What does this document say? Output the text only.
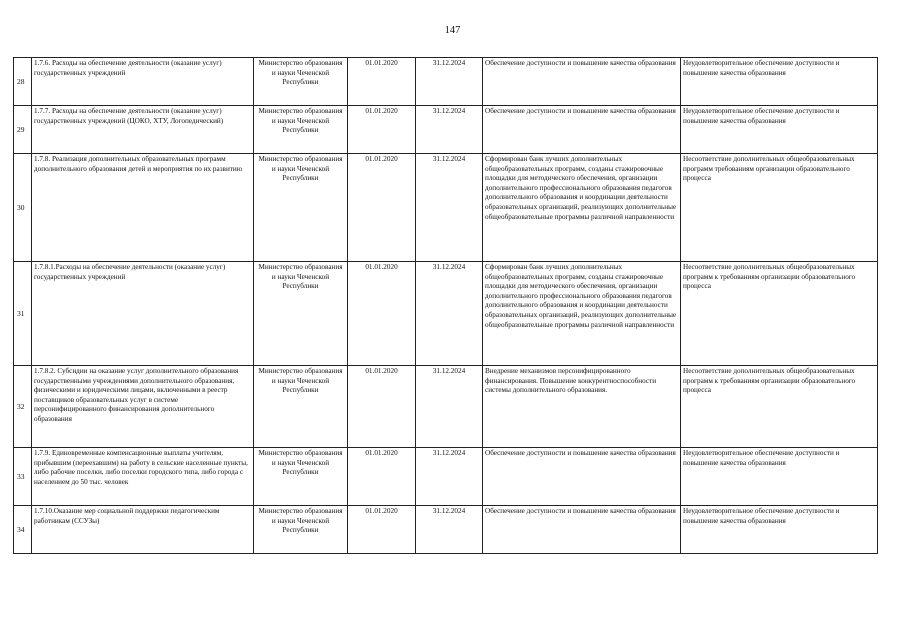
147
28	1.7.6. Расходы на обеспечение деятельности (оказание услуг) государственных учреждений	Министерство образования и науки Чеченской Республики	01.01.2020	31.12.2024	Обеспечение доступности и повышение качества образования	Неудовлетворительное обеспечение доступности и повышение качества образования
29	1.7.7. Расходы на обеспечение деятельности (оказание услуг) государственных учреждений (ЦОКО, ХТУ, Логопедический)	Министерство образования и науки Чеченской Республики	01.01.2020	31.12.2024	Обеспечение доступности и повышение качества образования	Неудовлетворительное обеспечение доступности и повышение качества образования
30	1.7.8. Реализация дополнительных образовательных программ дополнительного образования детей и мероприятия по их развитию	Министерство образования и науки Чеченской Республики	01.01.2020	31.12.2024	Сформирован банк лучших дополнительных общеобразовательных программ, созданы стажировочные площадки для методического обеспечения, организации дополнительного профессионального образования педагогов дополнительного образования и координации деятельности образовательных организаций, реализующих дополнительные общеобразовательные программы различной направленности	Несоответствие дополнительных общеобразовательных программ требованиям организации образовательного процесса
31	1.7.8.1.Расходы на обеспечение деятельности (оказание услуг) государственных учреждений	Министерство образования и науки Чеченской Республики	01.01.2020	31.12.2024	Сформирован банк лучших дополнительных общеобразовательных программ, созданы стажировочные площадки для методического обеспечения, организации дополнительного профессионального образования педагогов дополнительного образования и координации деятельности образовательных организаций, реализующих дополнительные общеобразовательные программы различной направленности	Несоответствие дополнительных общеобразовательных программ к требованиям организации образовательного процесса
32	1.7.8.2. Субсидии на оказание услуг дополнительного образования государственными учреждениями дополнительного образования, физическими и юридическими лицами, включенными в реестр поставщиков образовательных услуг в системе персонифицированного финансирования дополнительного образования	Министерство образования и науки Чеченской Республики	01.01.2020	31.12.2024	Внедрение механизмов персонифицированного финансирования. Повышение конкурентноспособности системы дополнительного образования.	Несоответствие дополнительных общеобразовательных программ к требованиям организации образовательного процесса
33	1.7.9. Единовременные компенсационные выплаты учителям, прибывшим (переехавшим) на работу в сельские населенные пункты, либо рабочие поселки, либо поселки городского типа, либо города с населением до 50 тыс. человек	Министерство образования и науки Чеченской Республики	01.01.2020	31.12.2024	Обеспечение доступности и повышение качества образования	Неудовлетворительное обеспечение доступности и повышение качества образования
34	1.7.10.Оказание мер социальной поддержки педагогическим работникам (ССУЗы)	Министерство образования и науки Чеченской Республики	01.01.2020	31.12.2024	Обеспечение доступности и повышение качества образования	Неудовлетворительное обеспечение доступности и повышение качества образования
